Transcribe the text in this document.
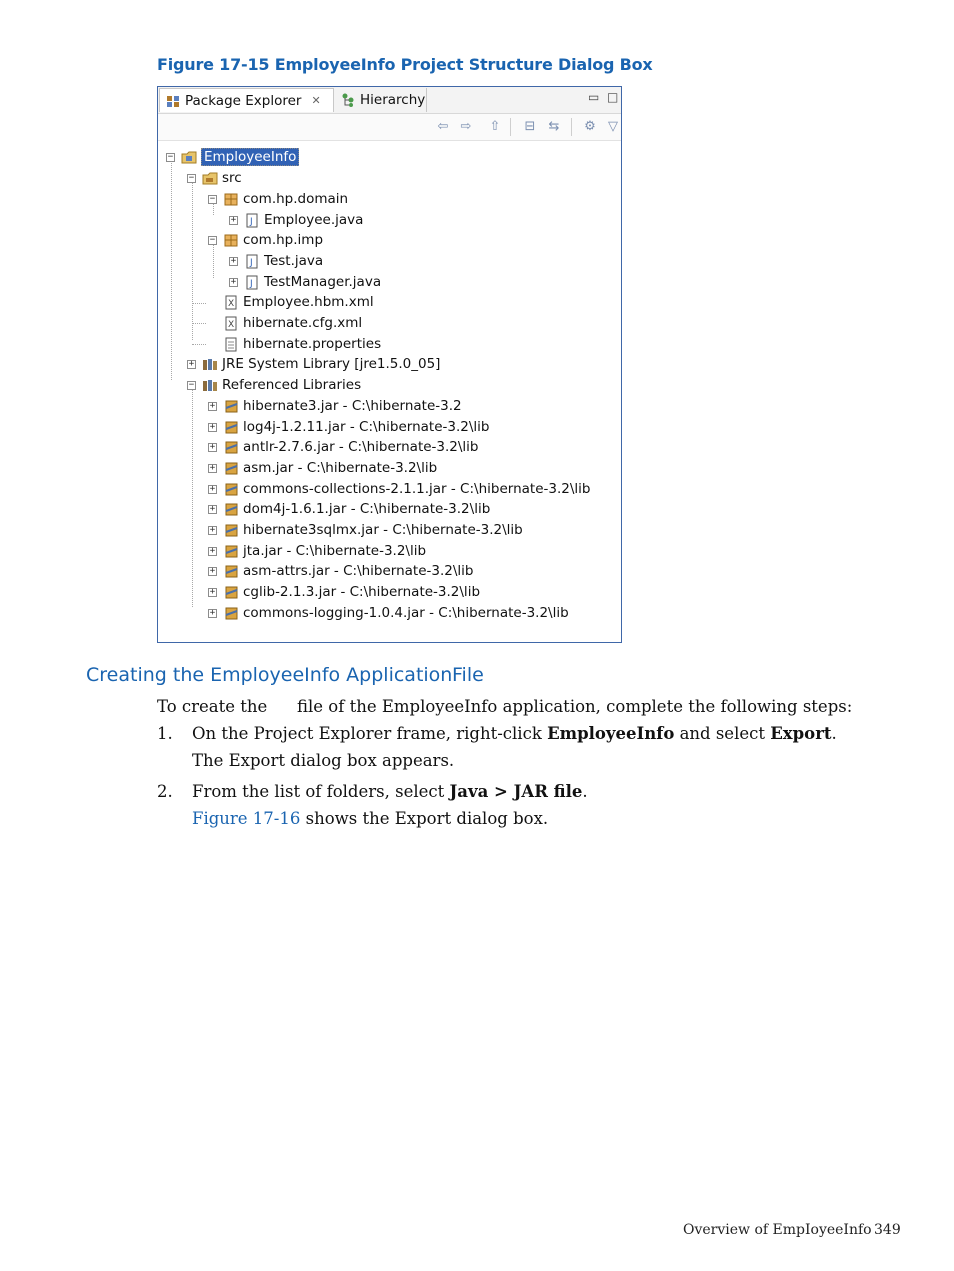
Figure 17-15 EmployeeInfo Project Structure Dialog Box
Package Explorer ✕	Hierarchy	▭ □
⇦ ⇨ ⇧ ⊟ ⇆ ⚙ ▽
− EmployeeInfo
− src
− com.hp.domain
+ J Employee.java
− com.hp.imp
+ J Test.java
+ J TestManager.java
X Employee.hbm.xml
X hibernate.cfg.xml
hibernate.properties
+ JRE System Library [jre1.5.0_05]
− Referenced Libraries
+ hibernate3.jar - C:\hibernate-3.2
+ log4j-1.2.11.jar - C:\hibernate-3.2\lib
+ antlr-2.7.6.jar - C:\hibernate-3.2\lib
+ asm.jar - C:\hibernate-3.2\lib
+ commons-collections-2.1.1.jar - C:\hibernate-3.2\lib
+ dom4j-1.6.1.jar - C:\hibernate-3.2\lib
+ hibernate3sqlmx.jar - C:\hibernate-3.2\lib
+ jta.jar - C:\hibernate-3.2\lib
+ asm-attrs.jar - C:\hibernate-3.2\lib
+ cglib-2.1.3.jar - C:\hibernate-3.2\lib
+ commons-logging-1.0.4.jar - C:\hibernate-3.2\lib
Creating the EmployeeInfo Application File
To create the file of the EmployeeInfo application, complete the following steps:
1. On the Project Explorer frame, right-click EmployeeInfo and select Export.
The Export dialog box appears.
2. From the list of folders, select Java > JAR file.
Figure 17-16 shows the Export dialog box.
Overview of EmpIoyeeInfo 349
